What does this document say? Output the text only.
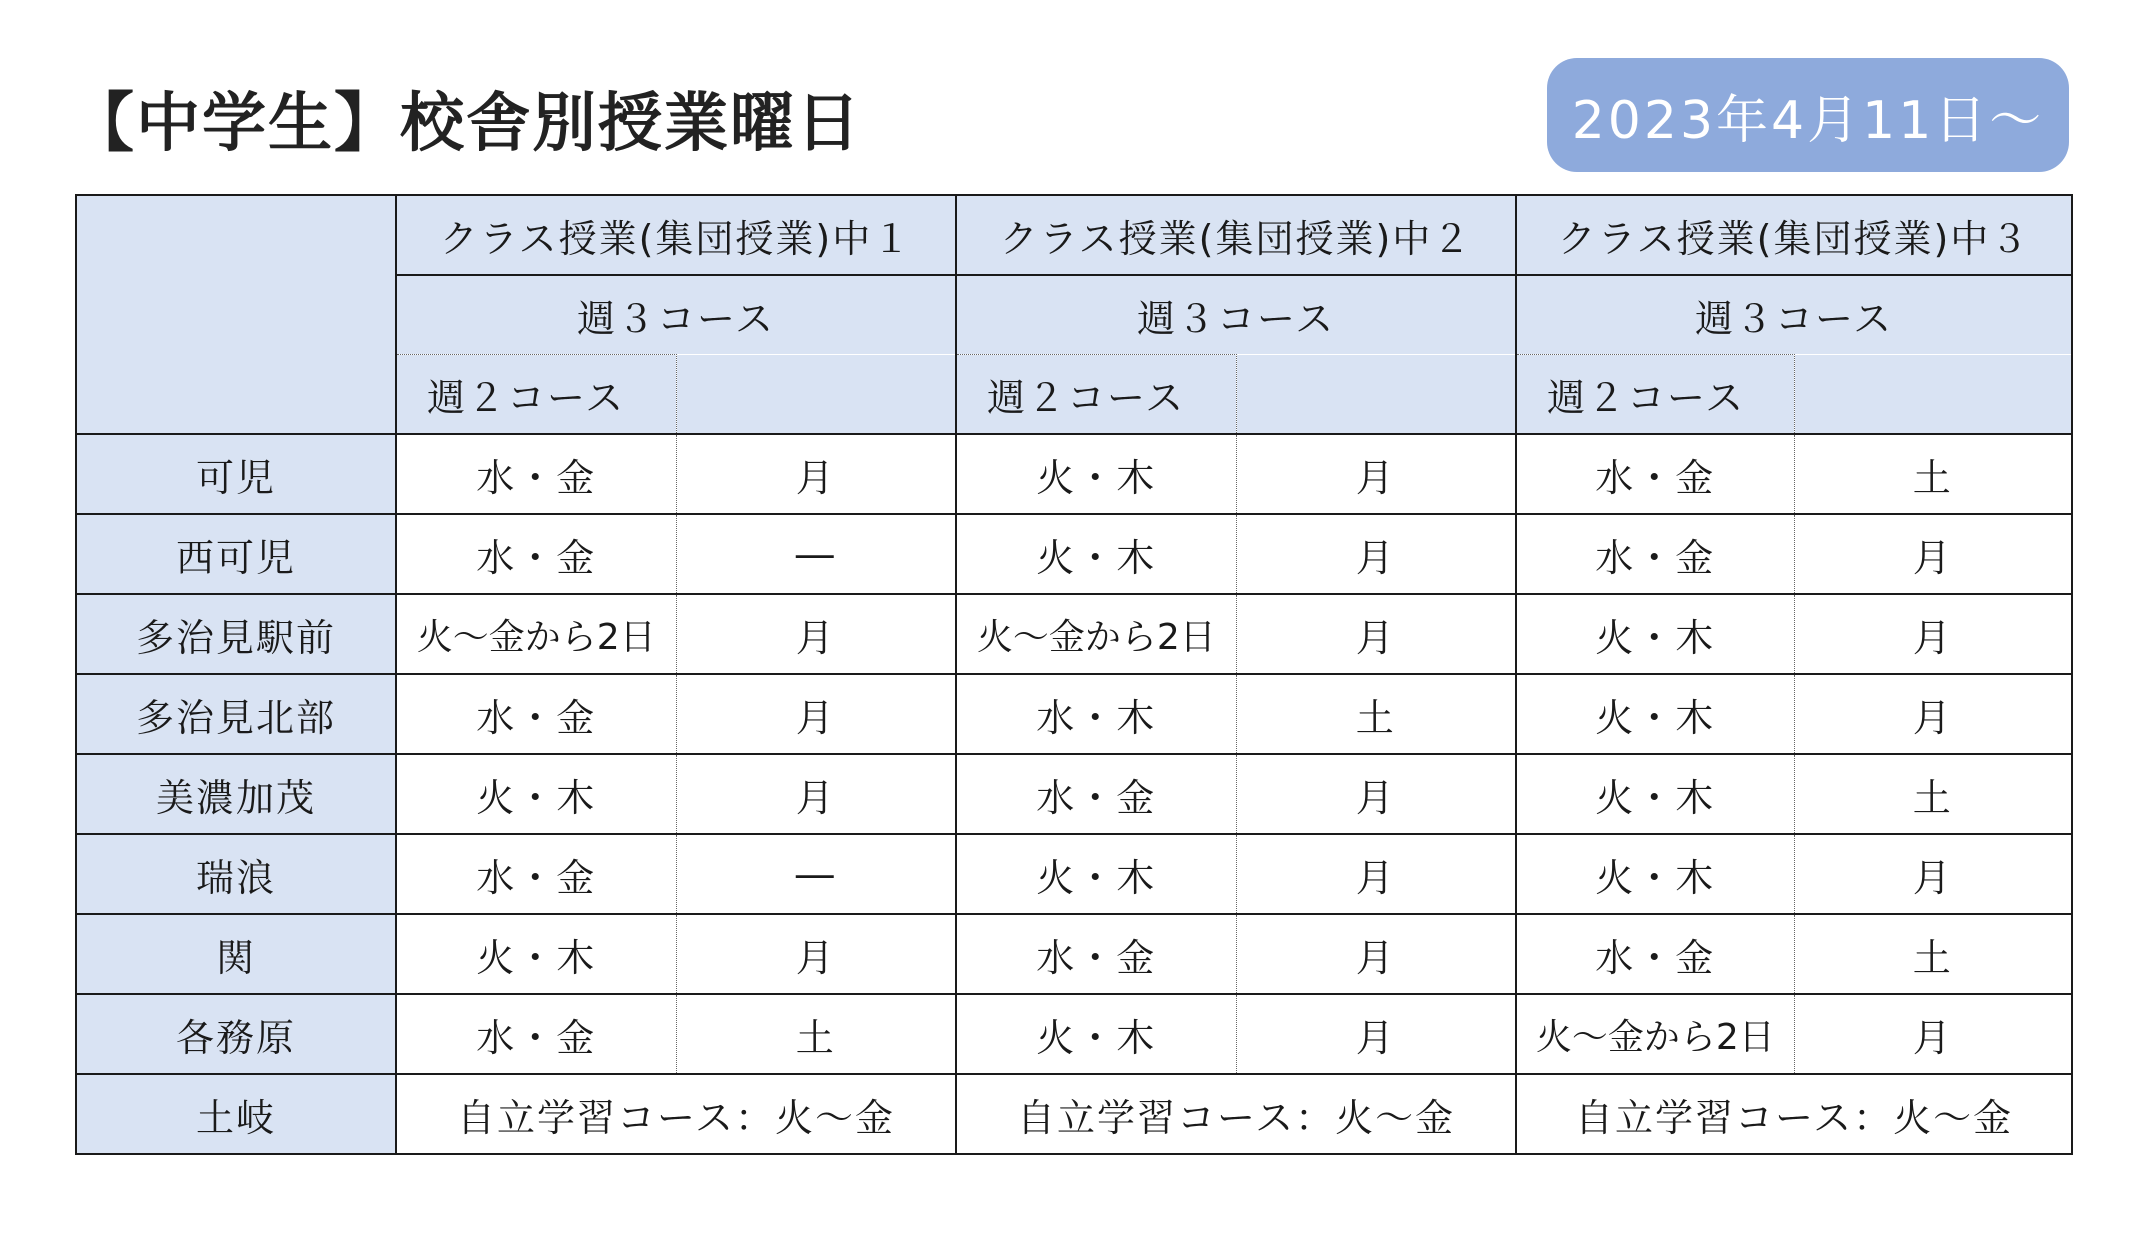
【中学生】校舎別授業曜日	2023年4月11日～
	クラス授業(集団授業)中１		クラス授業(集団授業)中２		クラス授業(集団授業)中３	
	週３コース		週３コース		週３コース	
	週２コース		週２コース		週２コース	
可児	水・金	月	火・木	月	水・金	土
西可児	水・金	―	火・木	月	水・金	月
多治見駅前	火～金から2日	月	火～金から2日	月	火・木	月
多治見北部	水・金	月	水・木	土	火・木	月
美濃加茂	火・木	月	水・金	月	火・木	土
瑞浪	水・金	―	火・木	月	火・木	月
関	火・木	月	水・金	月	水・金	土
各務原	水・金	土	火・木	月	火～金から2日	月
土岐	自立学習コース：火～金		自立学習コース：火～金		自立学習コース：火～金	
